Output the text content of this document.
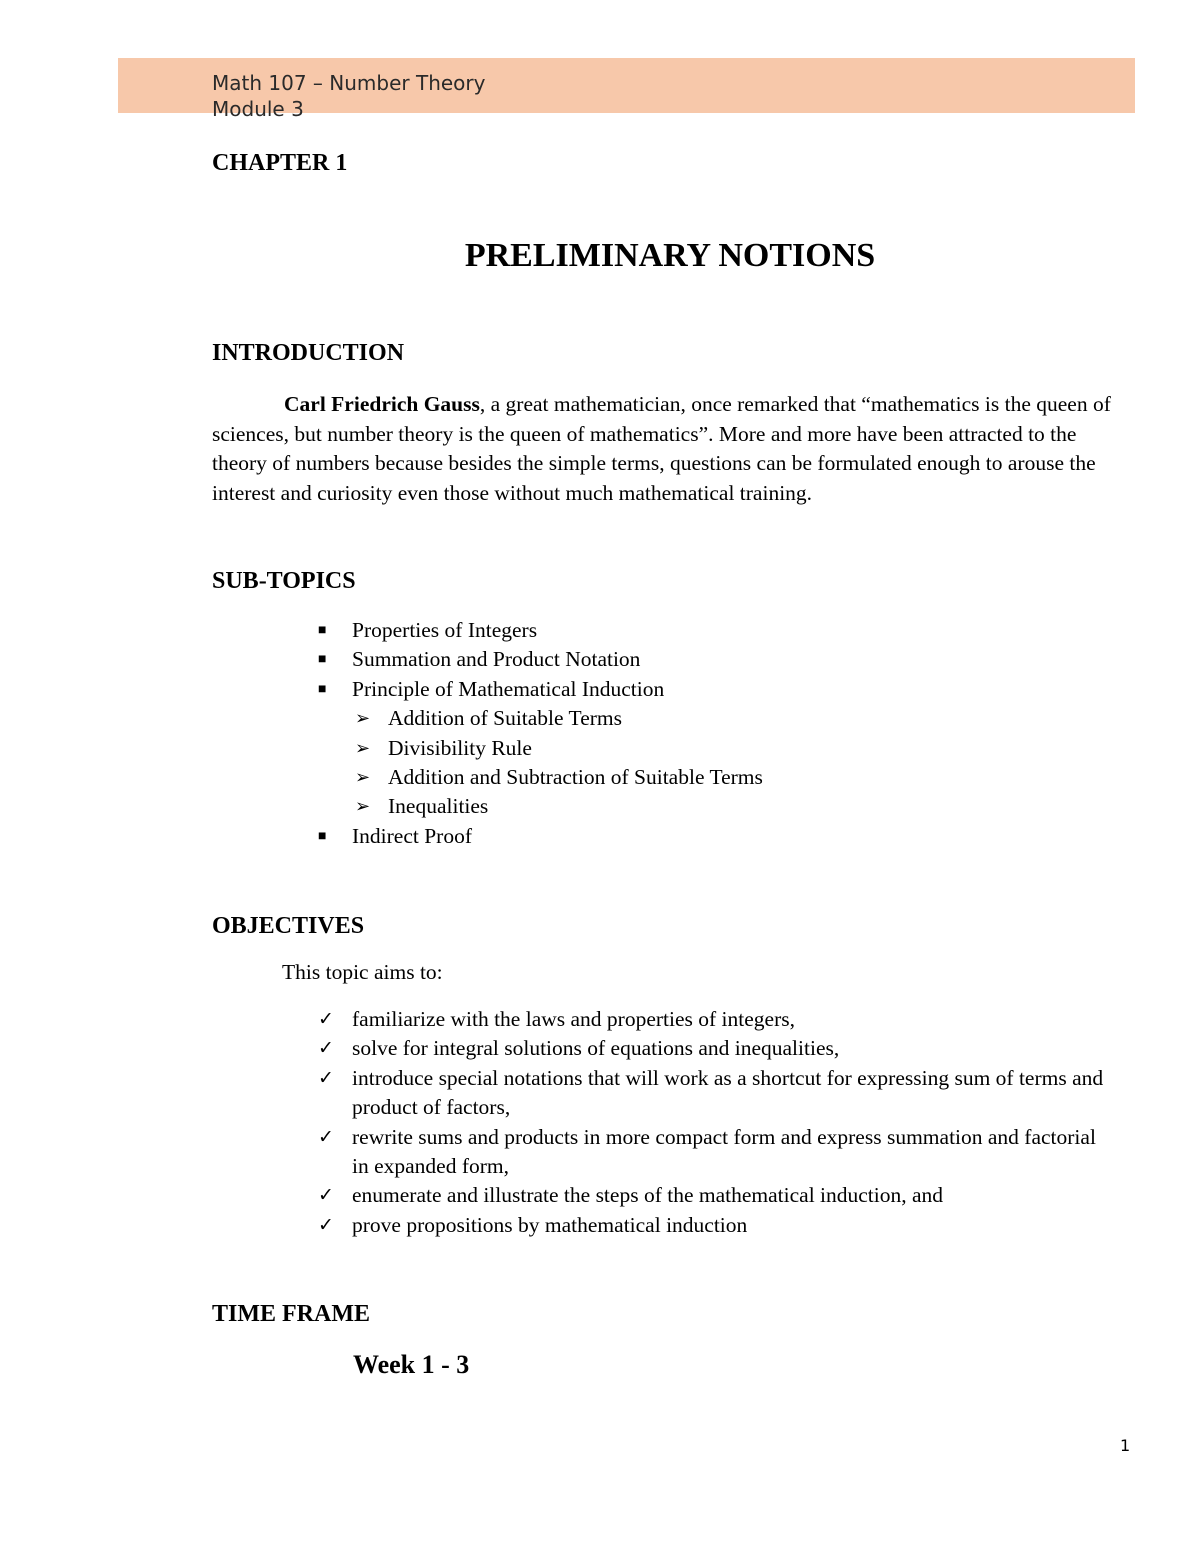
Math 107 – Number Theory
Module 3
CHAPTER 1
PRELIMINARY NOTIONS
INTRODUCTION
Carl Friedrich Gauss, a great mathematician, once remarked that “mathematics is the queen of sciences, but number theory is the queen of mathematics”. More and more have been attracted to the theory of numbers because besides the simple terms, questions can be formulated enough to arouse the interest and curiosity even those without much mathematical training.
SUB-TOPICS
■ Properties of Integers
■ Summation and Product Notation
■ Principle of Mathematical Induction
➢ Addition of Suitable Terms
➢ Divisibility Rule
➢ Addition and Subtraction of Suitable Terms
➢ Inequalities
■ Indirect Proof
OBJECTIVES
This topic aims to:
✓ familiarize with the laws and properties of integers,
✓ solve for integral solutions of equations and inequalities,
✓ introduce special notations that will work as a shortcut for expressing sum of terms and product of factors,
✓ rewrite sums and products in more compact form and express summation and factorial in expanded form,
✓ enumerate and illustrate the steps of the mathematical induction, and
✓ prove propositions by mathematical induction
TIME FRAME
Week 1 - 3
1
